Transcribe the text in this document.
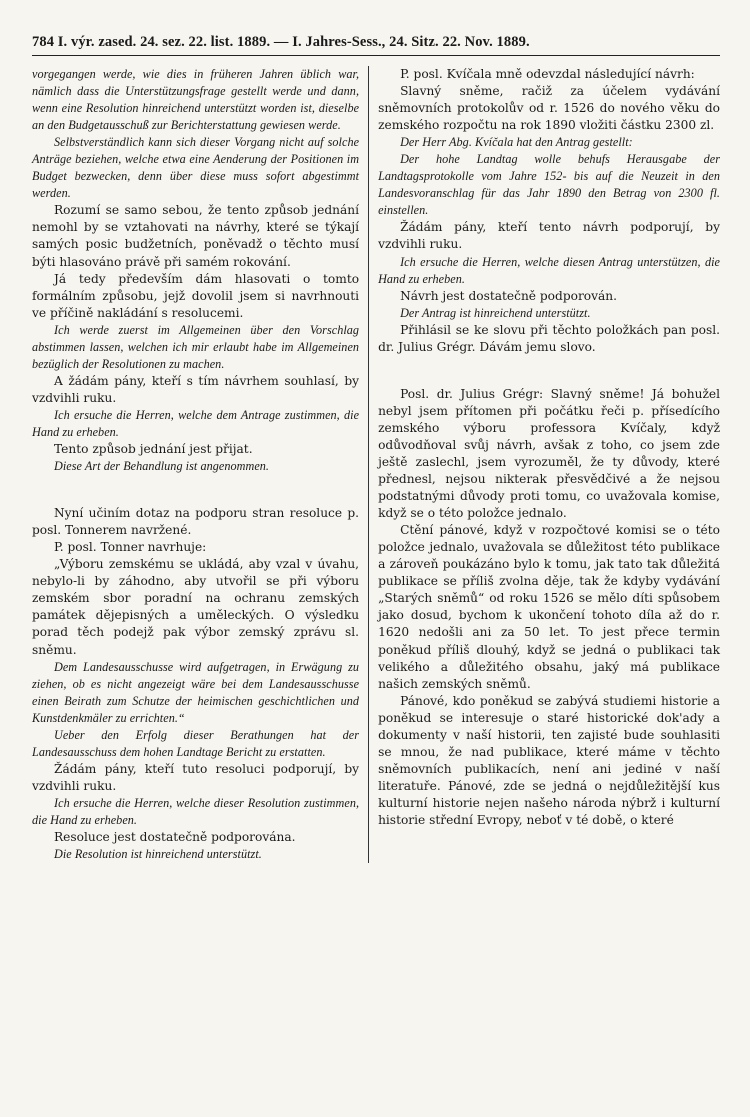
784 I. výr. zased. 24. sez. 22. list. 1889. — I. Jahres-Sess., 24. Sitz. 22. Nov. 1889.

vorgegangen werde, wie dies in früheren Jahren üblich war, nämlich dass die Unterstützungsfrage gestellt werde und dann, wenn eine Resolution hinreichend unterstützt worden ist, dieselbe an den Budgetausschuß zur Berichterstattung gewiesen werde.

Selbstverständlich kann sich dieser Vorgang nicht auf solche Anträge beziehen, welche etwa eine Aenderung der Positionen im Budget bezwecken, denn über diese muss sofort abgestimmt werden.

Rozumí se samo sebou, že tento způsob jednání nemohl by se vztahovati na návrhy, které se týkají samých posic budžetních, poněvadž o těchto musí býti hlasováno právě při samém rokování.

Já tedy především dám hlasovati o tomto formálním způsobu, jejž dovolil jsem si navrhnouti ve příčině nakládání s resolucemi.

Ich werde zuerst im Allgemeinen über den Vorschlag abstimmen lassen, welchen ich mir erlaubt habe im Allgemeinen bezüglich der Resolutionen zu machen.

A žádám pány, kteří s tím návrhem souhlasí, by vzdvihli ruku.

Ich ersuche die Herren, welche dem Antrage zustimmen, die Hand zu erheben.

Tento způsob jednání jest přijat.

Diese Art der Behandlung ist angenommen.

Nyní učiním dotaz na podporu stran resoluce p. posl. Tonnerem navržené.

P. posl. Tonner navrhuje:

„Výboru zemskému se ukládá, aby vzal v úvahu, nebylo-li by záhodno, aby utvořil se při výboru zemském sbor poradní na ochranu zemských památek dějepisných a uměleckých. O výsledku porad těch podejž pak výbor zemský zprávu sl. sněmu.

Dem Landesausschusse wird aufgetragen, in Erwägung zu ziehen, ob es nicht angezeigt wäre bei dem Landesausschusse einen Beirath zum Schutze der heimischen geschichtlichen und Kunstdenkmäler zu errichten.“

Ueber den Erfolg dieser Berathungen hat der Landesausschuss dem hohen Landtage Bericht zu erstatten.

Žádám pány, kteří tuto resoluci podporují, by vzdvihli ruku.

Ich ersuche die Herren, welche dieser Resolution zustimmen, die Hand zu erheben.

Resoluce jest dostatečně podporována.

Die Resolution ist hinreichend unterstützt.

P. posl. Kvíčala mně odevzdal následující návrh:

Slavný sněme, račiž za účelem vydávání sněmovních protokolův od r. 1526 do nového věku do zemského rozpočtu na rok 1890 vložiti částku 2300 zl.

Der Herr Abg. Kvíčala hat den Antrag gestellt:

Der hohe Landtag wolle behufs Herausgabe der Landtagsprotokolle vom Jahre 152- bis auf die Neuzeit in den Landesvoranschlag für das Jahr 1890 den Betrag von 2300 fl. einstellen.

Žádám pány, kteří tento návrh podporují, by vzdvihli ruku.

Ich ersuche die Herren, welche diesen Antrag unterstützen, die Hand zu erheben.

Návrh jest dostatečně podporován.

Der Antrag ist hinreichend unterstützt.

Přihlásil se ke slovu při těchto položkách pan posl. dr. Julius Grégr. Dávám jemu slovo.

Posl. dr. Julius Grégr: Slavný sněme! Já bohužel nebyl jsem přítomen při počátku řeči p. přísedícího zemského výboru professora Kvíčaly, když odůvodňoval svůj návrh, avšak z toho, co jsem zde ještě zaslechl, jsem vyrozuměl, že ty důvody, které přednesl, nejsou nikterak přesvědčivé a že nejsou podstatnými důvody proti tomu, co uvažovala komise, když se o této položce jednalo.

Ctění pánové, když v rozpočtové komisi se o této položce jednalo, uvažovala se důležitost této publikace a zároveň poukázáno bylo k tomu, jak tato tak důležitá publikace se příliš zvolna děje, tak že kdyby vydávání „Starých sněmů“ od roku 1526 se mělo díti spůsobem jako dosud, bychom k ukončení tohoto díla až do r. 1620 nedošli ani za 50 let. To jest přece termin poněkud příliš dlouhý, když se jedná o publikaci tak velikého a důležitého obsahu, jaký má publikace našich zemských sněmů.

Pánové, kdo poněkud se zabývá studiemi historie a poněkud se interesuje o staré historické dok'ady a dokumenty v naší historii, ten zajisté bude souhlasiti se mnou, že nad publikace, které máme v těchto sněmovních publikacích, není ani jediné v naší literatuře. Pánové, zde se jedná o nejdůležitější kus kulturní historie nejen našeho národa nýbrž i kulturní historie střední Evropy, neboť v té době, o které
